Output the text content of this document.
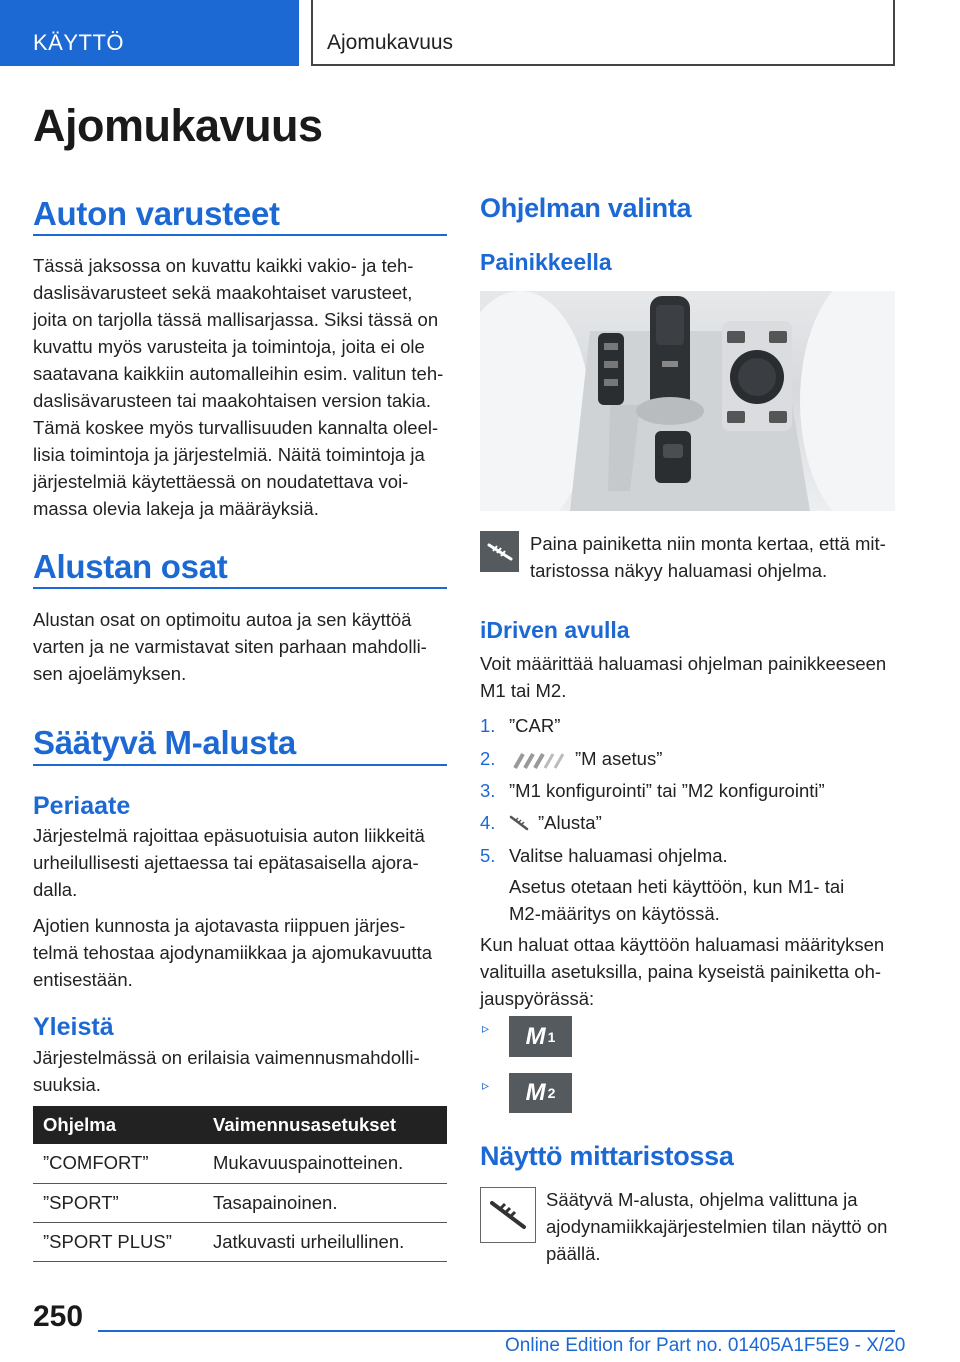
KÄYTTÖ	Ajomukavuus
Ajomukavuus
Auton varusteet
Tässä jaksossa on kuvattu kaikki vakio- ja teh-
daslisävarusteet sekä maakohtaiset varusteet,
joita on tarjolla tässä mallisarjassa. Siksi tässä on
kuvattu myös varusteita ja toimintoja, joita ei ole
saatavana kaikkiin automalleihin esim. valitun teh-
daslisävarusteen tai maakohtaisen version takia.
Tämä koskee myös turvallisuuden kannalta oleel-
lisia toimintoja ja järjestelmiä. Näitä toimintoja ja
järjestelmiä käytettäessä on noudatettava voi-
massa olevia lakeja ja määräyksiä.
Alustan osat
Alustan osat on optimoitu autoa ja sen käyttöä
varten ja ne varmistavat siten parhaan mahdolli-
sen ajoelämyksen.
Säätyvä M-alusta
Periaate
Järjestelmä rajoittaa epäsuotuisia auton liikkeitä
urheilullisesti ajettaessa tai epätasaisella ajora-
dalla.
Ajotien kunnosta ja ajotavasta riippuen järjes-
telmä tehostaa ajodynamiikkaa ja ajomukavuutta
entisestään.
Yleistä
Järjestelmässä on erilaisia vaimennusmahdolli-
suuksia.
Ohjelma	Vaimennusasetukset
”COMFORT”	Mukavuuspainotteinen.
”SPORT”	Tasapainoinen.
”SPORT PLUS”	Jatkuvasti urheilullinen.
Ohjelman valinta
Painikkeella
Paina painiketta niin monta kertaa, että mit-
taristossa näkyy haluamasi ohjelma.
iDriven avulla
Voit määrittää haluamasi ohjelman painikkeeseen
M1 tai M2.
1. ”CAR”
2.	”M asetus”
3. ”M1 konfigurointi” tai ”M2 konfigurointi”
4. ”Alusta”
5. Valitse haluamasi ohjelma.
Asetus otetaan heti käyttöön, kun M1- tai
M2-määritys on käytössä.
Kun haluat ottaa käyttöön haluamasi määrityksen
valituilla asetuksilla, paina kyseistä painiketta oh-
jauspyörässä:
▹ M 1
▹ M 2
Näyttö mittaristossa
Säätyvä M-alusta, ohjelma valittuna ja
ajodynamiikkajärjestelmien tilan näyttö on
päällä.
250
Online Edition for Part no. 01405A1F5E9 - X/20
